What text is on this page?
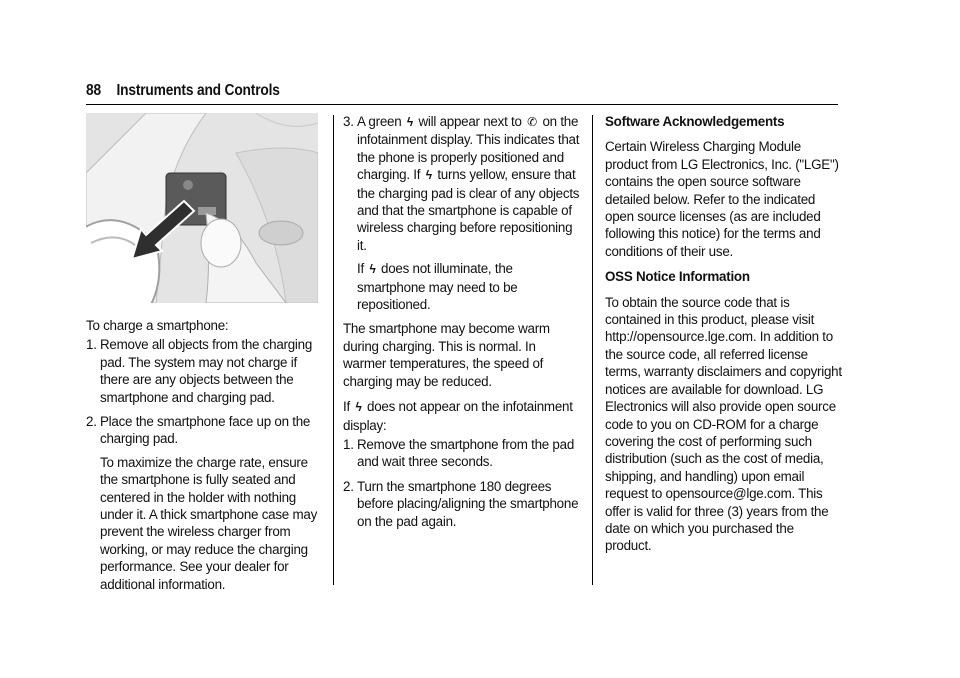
88 Instruments and Controls

To charge a smartphone:

1. Remove all objects from the charging pad. The system may not charge if there are any objects between the smartphone and charging pad.
2. Place the smartphone face up on the charging pad.
To maximize the charge rate, ensure the smartphone is fully seated and centered in the holder with nothing under it. A thick smartphone case may prevent the wireless charger from working, or may reduce the charging performance. See your dealer for additional information.
3. A green ϟ will appear next to ✆ on the infotainment display. This indicates that the phone is properly positioned and charging. If ϟ turns yellow, ensure that the charging pad is clear of any objects and that the smartphone is capable of wireless charging before repositioning it.
If ϟ does not illuminate, the smartphone may need to be repositioned.

The smartphone may become warm during charging. This is normal. In warmer temperatures, the speed of charging may be reduced.

If ϟ does not appear on the infotainment display:

1. Remove the smartphone from the pad and wait three seconds.
2. Turn the smartphone 180 degrees before placing/aligning the smartphone on the pad again.

Software Acknowledgements

Certain Wireless Charging Module product from LG Electronics, Inc. ("LGE") contains the open source software detailed below. Refer to the indicated open source licenses (as are included following this notice) for the terms and conditions of their use.

OSS Notice Information

To obtain the source code that is contained in this product, please visit http://opensource.lge.com. In addition to the source code, all referred license terms, warranty disclaimers and copyright notices are available for download. LG Electronics will also provide open source code to you on CD-ROM for a charge covering the cost of performing such distribution (such as the cost of media, shipping, and handling) upon email request to opensource@lge.com. This offer is valid for three (3) years from the date on which you purchased the product.
